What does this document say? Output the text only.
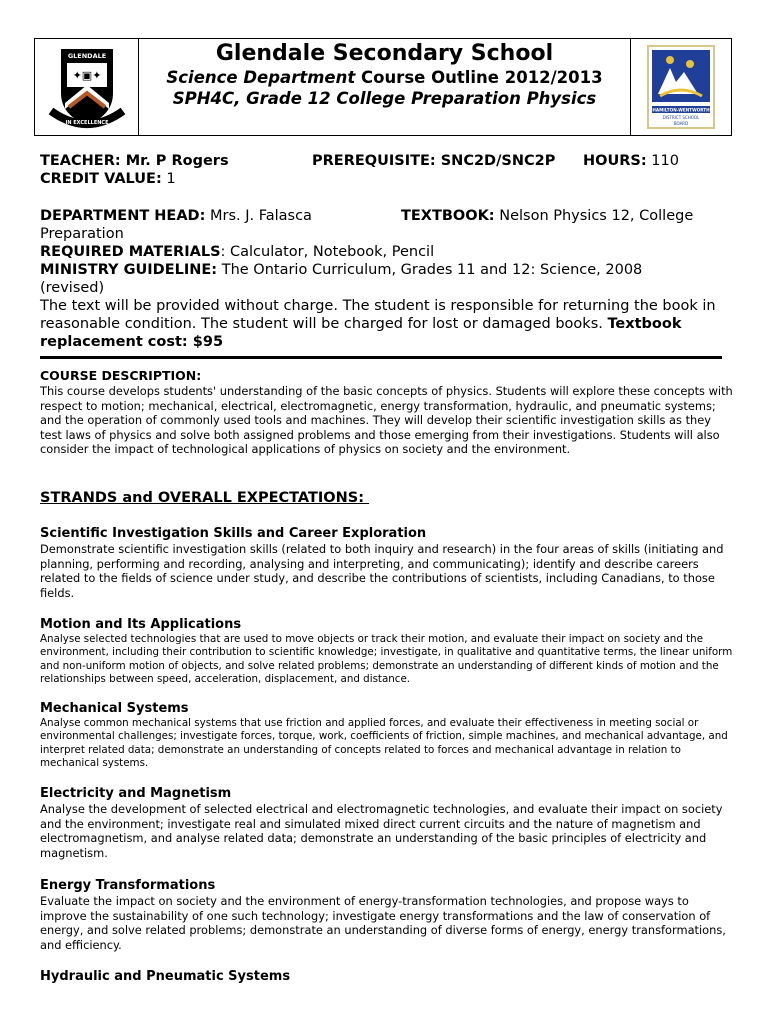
GLENDALE
✦▣✦
IN EXCELLENCE
Glendale Secondary School
Science Department Course Outline 2012/2013
SPH4C, Grade 12 College Preparation Physics
HAMILTON-WENTWORTH
DISTRICT SCHOOL
BOARD
TEACHER: Mr. P Rogers	PREREQUISITE: SNC2D/SNC2P HOURS: 110
CREDIT VALUE: 1
DEPARTMENT HEAD: Mrs. J. Falasca	TEXTBOOK: Nelson Physics 12, College
Preparation
REQUIRED MATERIALS: Calculator, Notebook, Pencil
MINISTRY GUIDELINE: The Ontario Curriculum, Grades 11 and 12: Science, 2008
(revised)
The text will be provided without charge. The student is responsible for returning the book in reasonable condition. The student will be charged for lost or damaged books. Textbook replacement cost: $95
COURSE DESCRIPTION:
This course develops students' understanding of the basic concepts of physics. Students will explore these concepts with respect to motion; mechanical, electrical, electromagnetic, energy transformation, hydraulic, and pneumatic systems; and the operation of commonly used tools and machines. They will develop their scientific investigation skills as they test laws of physics and solve both assigned problems and those emerging from their investigations. Students will also consider the impact of technological applications of physics on society and the environment.
STRANDS and OVERALL EXPECTATIONS:
Scientific Investigation Skills and Career Exploration
Demonstrate scientific investigation skills (related to both inquiry and research) in the four areas of skills (initiating and planning, performing and recording, analysing and interpreting, and communicating); identify and describe careers related to the fields of science under study, and describe the contributions of scientists, including Canadians, to those fields.
Motion and Its Applications
Analyse selected technologies that are used to move objects or track their motion, and evaluate their impact on society and the environment, including their contribution to scientific knowledge; investigate, in qualitative and quantitative terms, the linear uniform and non-uniform motion of objects, and solve related problems; demonstrate an understanding of different kinds of motion and the relationships between speed, acceleration, displacement, and distance.
Mechanical Systems
Analyse common mechanical systems that use friction and applied forces, and evaluate their effectiveness in meeting social or environmental challenges; investigate forces, torque, work, coefficients of friction, simple machines, and mechanical advantage, and interpret related data; demonstrate an understanding of concepts related to forces and mechanical advantage in relation to mechanical systems.
Electricity and Magnetism
Analyse the development of selected electrical and electromagnetic technologies, and evaluate their impact on society and the environment; investigate real and simulated mixed direct current circuits and the nature of magnetism and electromagnetism, and analyse related data; demonstrate an understanding of the basic principles of electricity and magnetism.
Energy Transformations
Evaluate the impact on society and the environment of energy-transformation technologies, and propose ways to improve the sustainability of one such technology; investigate energy transformations and the law of conservation of energy, and solve related problems; demonstrate an understanding of diverse forms of energy, energy transformations, and efficiency.
Hydraulic and Pneumatic Systems
